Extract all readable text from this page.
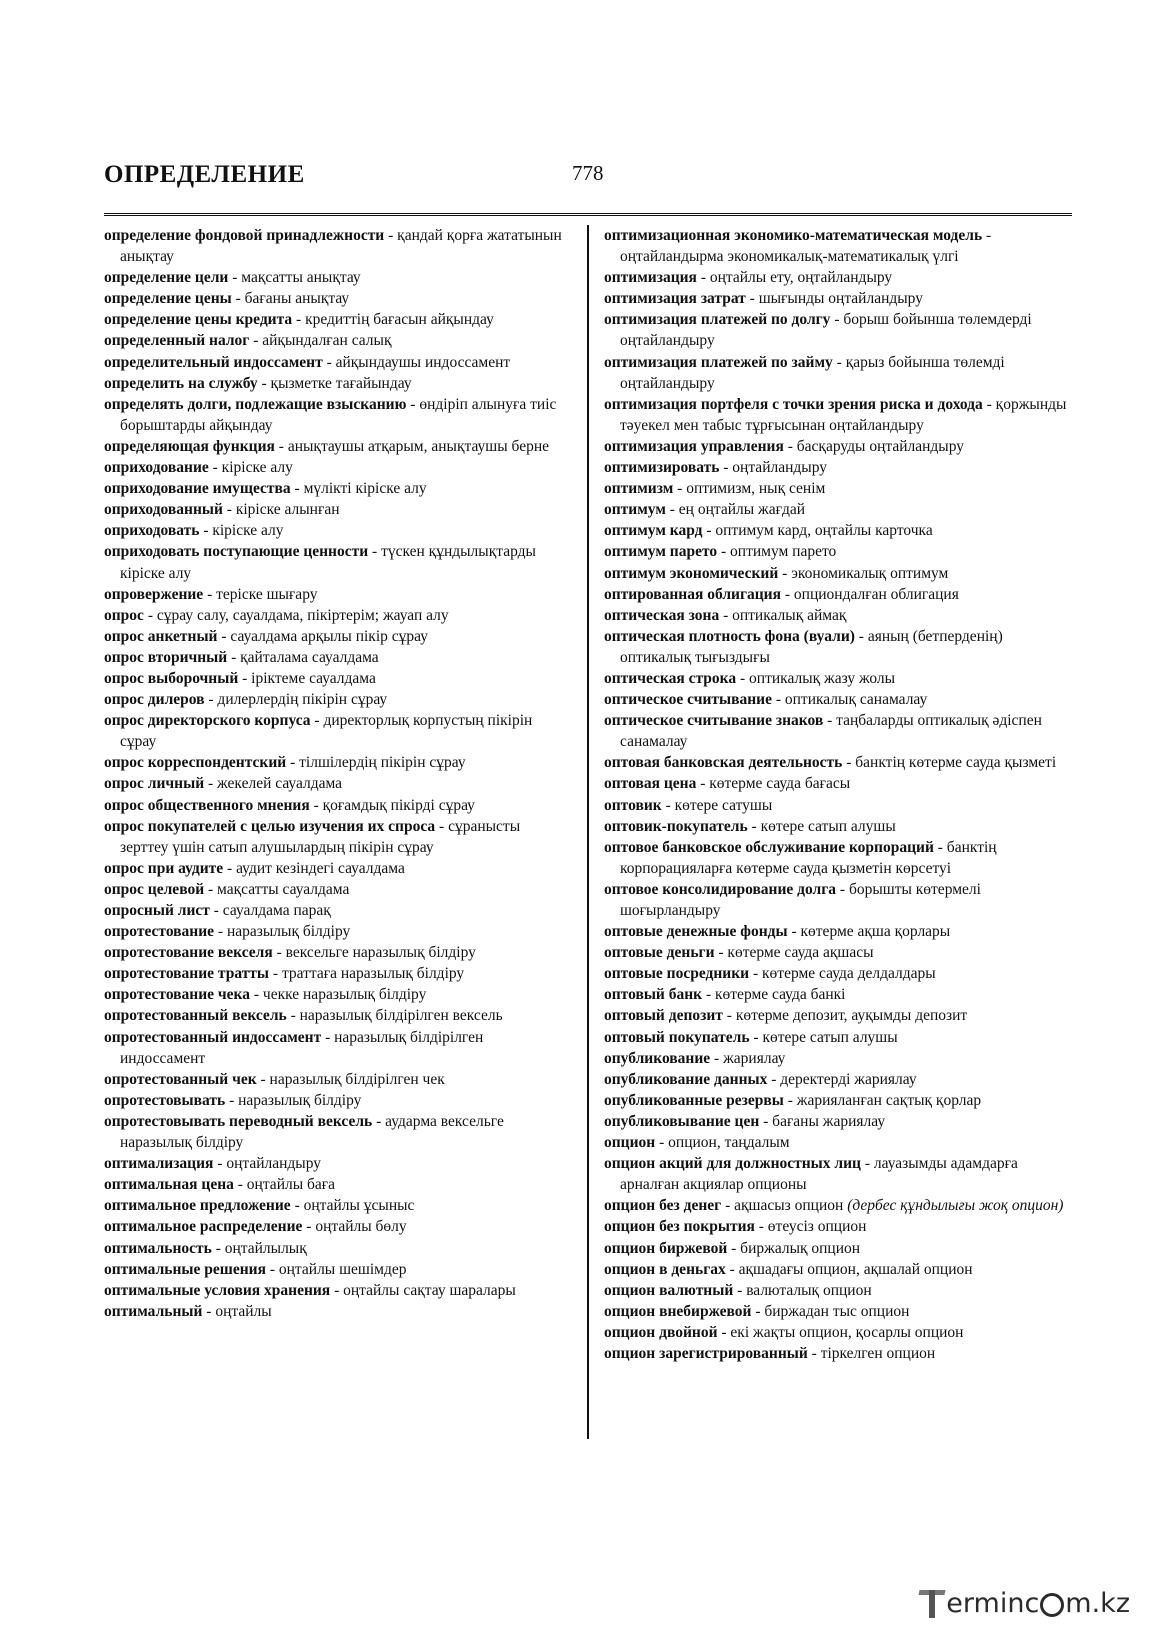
ОПРЕДЕЛЕНИЕ	778

определение фондовой принадлежности - қандай қорға жататынын анықтау

определение цели - мақсатты анықтау

определение цены - бағаны анықтау

определение цены кредита - кредиттің бағасын айқындау

определенный налог - айқындалған салық

определительный индоссамент - айқындаушы индоссамент

определить на службу - қызметке тағайындау

определять долги, подлежащие взысканию - өндіріп алынуға тиіс борыштарды айқындау

определяющая функция - анықтаушы атқарым, анықтаушы берне

оприходование - кіріске алу

оприходование имущества - мүлікті кіріске алу

оприходованный - кіріске алынған

оприходовать - кіріске алу

оприходовать поступающие ценности - түскен құндылықтарды кіріске алу

опровержение - теріске шығару

опрос - сұрау салу, сауалдама, пікіртерім; жауап алу

опрос анкетный - сауалдама арқылы пікір сұрау

опрос вторичный - қайталама сауалдама

опрос выборочный - іріктеме сауалдама

опрос дилеров - дилерлердің пікірін сұрау

опрос директорского корпуса - директорлық корпустың пікірін сұрау

опрос корреспондентский - тілшілердің пікірін сұрау

опрос личный - жекелей сауалдама

опрос общественного мнения - қоғамдық пікірді сұрау

опрос покупателей с целью изучения их спроса - сұранысты зерттеу үшін сатып алушылардың пікірін сұрау

опрос при аудите - аудит кезіндегі сауалдама

опрос целевой - мақсатты сауалдама

опросный лист - сауалдама парақ

опротестование - наразылық білдіру

опротестование векселя - вексельге наразылық білдіру

опротестование тратты - траттаға наразылық білдіру

опротестование чека - чекке наразылық білдіру

опротестованный вексель - наразылық білдірілген вексель

опротестованный индоссамент - наразылық білдірілген индоссамент

опротестованный чек - наразылық білдірілген чек

опротестовывать - наразылық білдіру

опротестовывать переводный вексель - аударма вексельге наразылық білдіру

оптимализация - оңтайландыру

оптимальная цена - оңтайлы баға

оптимальное предложение - оңтайлы ұсыныс

оптимальное распределение - оңтайлы бөлу

оптимальность - оңтайлылық

оптимальные решения - оңтайлы шешімдер

оптимальные условия хранения - оңтайлы сақтау шаралары

оптимальный - оңтайлы

оптимизационная экономико-математическая модель - оңтайландырма экономикалық-математикалық үлгі

оптимизация - оңтайлы ету, оңтайландыру

оптимизация затрат - шығынды оңтайландыру

оптимизация платежей по долгу - борыш бойынша төлемдерді оңтайландыру

оптимизация платежей по займу - қарыз бойынша төлемді оңтайландыру

оптимизация портфеля с точки зрения риска и дохода - қоржынды тәуекел мен табыс тұрғысынан оңтайландыру

оптимизация управления - басқаруды оңтайландыру

оптимизировать - оңтайландыру

оптимизм - оптимизм, нық сенім

оптимум - ең оңтайлы жағдай

оптимум кард - оптимум кард, оңтайлы карточка

оптимум парето - оптимум парето

оптимум экономический - экономикалық оптимум

оптированная облигация - опциондалған облигация

оптическая зона - оптикалық аймақ

оптическая плотность фона (вуали) - аяның (бетперденің) оптикалық тығыздығы

оптическая строка - оптикалық жазу жолы

оптическое считывание - оптикалық санамалау

оптическое считывание знаков - таңбаларды оптикалық әдіспен санамалау

оптовая банковская деятельность - банктің көтерме сауда қызметі

оптовая цена - көтерме сауда бағасы

оптовик - көтере сатушы

оптовик-покупатель - көтере сатып алушы

оптовое банковское обслуживание корпораций - банктің корпорацияларға көтерме сауда қызметін көрсетуі

оптовое консолидирование долга - борышты көтермелі шоғырландыру

оптовые денежные фонды - көтерме ақша қорлары

оптовые деньги - көтерме сауда ақшасы

оптовые посредники - көтерме сауда делдалдары

оптовый банк - көтерме сауда банкі

оптовый депозит - көтерме депозит, ауқымды депозит

оптовый покупатель - көтере сатып алушы

опубликование - жариялау

опубликование данных - деректерді жариялау

опубликованные резервы - жарияланған сақтық қорлар

опубликовывание цен - бағаны жариялау

опцион - опцион, таңдалым

опцион акций для должностных лиц - лауазымды адамдарға арналған акциялар опционы

опцион без денег - ақшасыз опцион (дербес құндылығы жоқ опцион)

опцион без покрытия - өтеусіз опцион

опцион биржевой - биржалық опцион

опцион в деньгах - ақшадағы опцион, ақшалай опцион

опцион валютный - валюталық опцион

опцион внебиржевой - биржадан тыс опцион

опцион двойной - екі жақты опцион, қосарлы опцион

опцион зарегистрированный - тіркелген опцион

ermin c m.kz
